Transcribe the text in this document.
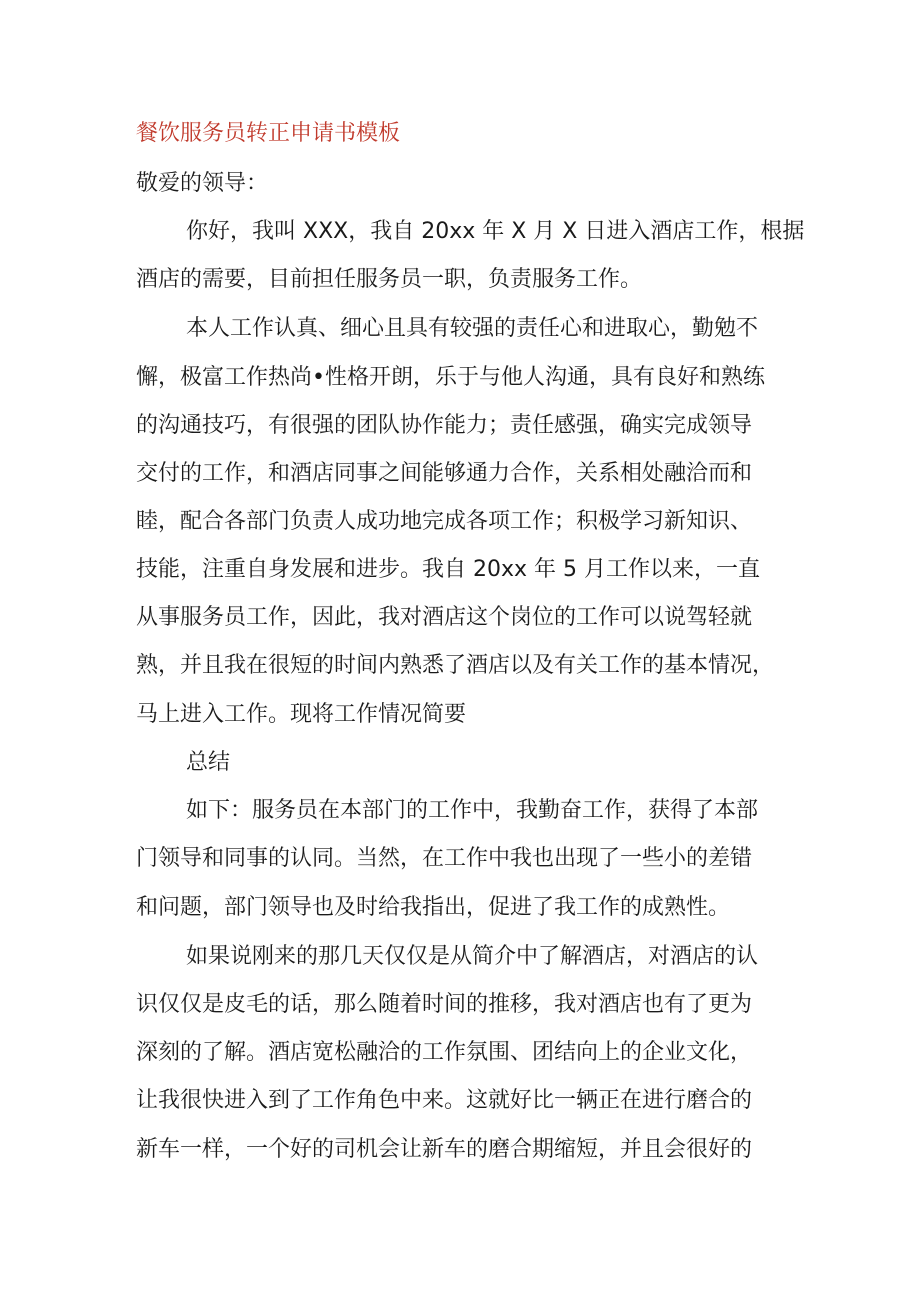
餐饮服务员转正申请书模板
敬爱的领导：
你好，我叫 XXX，我自 20xx 年 X 月 X 日进入酒店工作，根据
酒店的需要，目前担任服务员一职，负责服务工作。
本人工作认真、细心且具有较强的责任心和进取心，勤勉不
懈，极富工作热尚•性格开朗，乐于与他人沟通，具有良好和熟练
的沟通技巧，有很强的团队协作能力；责任感强，确实完成领导
交付的工作，和酒店同事之间能够通力合作，关系相处融洽而和
睦，配合各部门负责人成功地完成各项工作；积极学习新知识、
技能，注重自身发展和进步。我自 20xx 年 5 月工作以来，一直
从事服务员工作，因此，我对酒店这个岗位的工作可以说驾轻就
熟，并且我在很短的时间内熟悉了酒店以及有关工作的基本情况，
马上进入工作。现将工作情况简要
总结
如下：服务员在本部门的工作中，我勤奋工作，获得了本部
门领导和同事的认同。当然，在工作中我也出现了一些小的差错
和问题，部门领导也及时给我指出，促进了我工作的成熟性。
如果说刚来的那几天仅仅是从简介中了解酒店，对酒店的认
识仅仅是皮毛的话，那么随着时间的推移，我对酒店也有了更为
深刻的了解。酒店宽松融洽的工作氛围、团结向上的企业文化，
让我很快进入到了工作角色中来。这就好比一辆正在进行磨合的
新车一样，一个好的司机会让新车的磨合期缩短，并且会很好的
